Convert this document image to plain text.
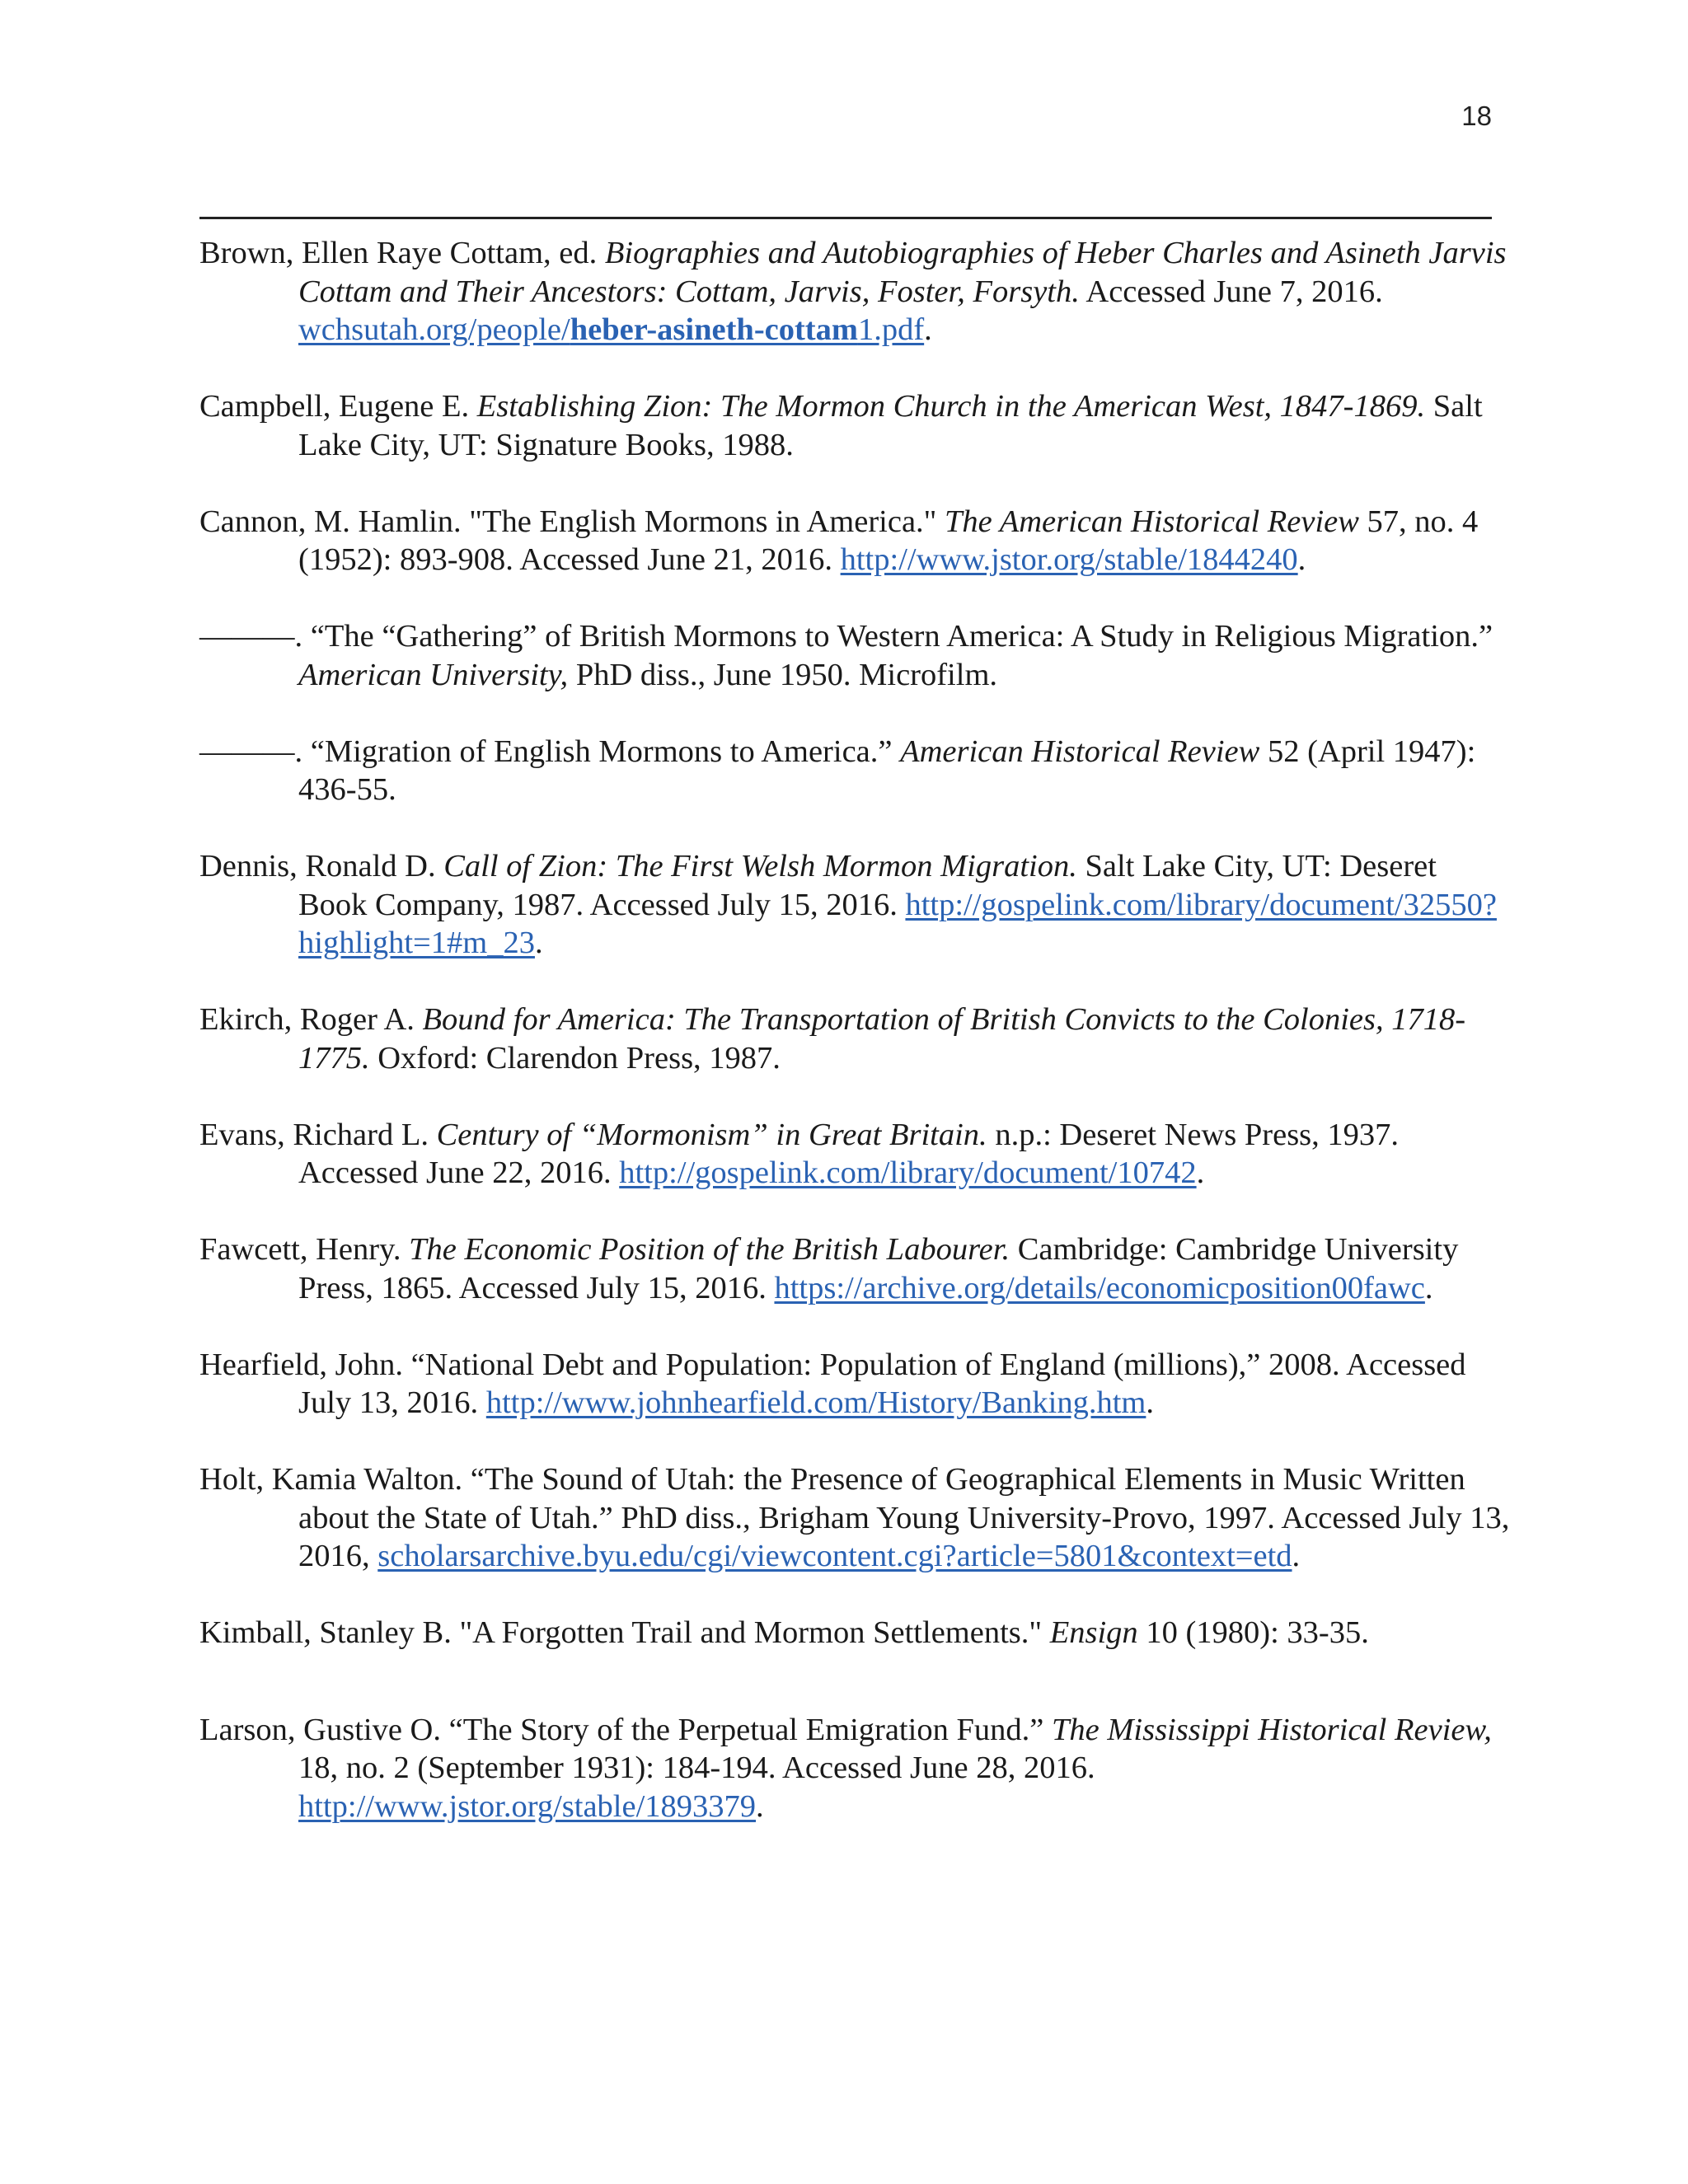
18

Brown, Ellen Raye Cottam, ed. Biographies and Autobiographies of Heber Charles and Asineth Jarvis Cottam and Their Ancestors: Cottam, Jarvis, Foster, Forsyth. Accessed June 7, 2016. wchsutah.org/people/heber-asineth-cottam1.pdf.

Campbell, Eugene E. Establishing Zion: The Mormon Church in the American West, 1847-1869. Salt Lake City, UT: Signature Books, 1988.

Cannon, M. Hamlin. "The English Mormons in America." The American Historical Review 57, no. 4 (1952): 893-908. Accessed June 21, 2016. http://www.jstor.org/stable/1844240.

———. “The “Gathering” of British Mormons to Western America: A Study in Religious Migration.” American University, PhD diss., June 1950. Microfilm.

———. “Migration of English Mormons to America.” American Historical Review 52 (April 1947): 436-55.

Dennis, Ronald D. Call of Zion: The First Welsh Mormon Migration. Salt Lake City, UT: Deseret Book Company, 1987. Accessed July 15, 2016. http://gospelink.com/library/document/32550?highlight=1#m_23.

Ekirch, Roger A. Bound for America: The Transportation of British Convicts to the Colonies, 1718-1775. Oxford: Clarendon Press, 1987.

Evans, Richard L. Century of “Mormonism” in Great Britain. n.p.: Deseret News Press, 1937. Accessed June 22, 2016. http://gospelink.com/library/document/10742.

Fawcett, Henry. The Economic Position of the British Labourer. Cambridge: Cambridge University Press, 1865. Accessed July 15, 2016. https://archive.org/details/economicposition00fawc.

Hearfield, John. “National Debt and Population: Population of England (millions),” 2008. Accessed July 13, 2016. http://www.johnhearfield.com/History/Banking.htm.

Holt, Kamia Walton. “The Sound of Utah: the Presence of Geographical Elements in Music Written about the State of Utah.” PhD diss., Brigham Young University-Provo, 1997. Accessed July 13, 2016, scholarsarchive.byu.edu/cgi/viewcontent.cgi?article=5801&context=etd.

Kimball, Stanley B. "A Forgotten Trail and Mormon Settlements." Ensign 10 (1980): 33-35.

Larson, Gustive O. “The Story of the Perpetual Emigration Fund.” The Mississippi Historical Review, 18, no. 2 (September 1931): 184-194. Accessed June 28, 2016. http://www.jstor.org/stable/1893379.
